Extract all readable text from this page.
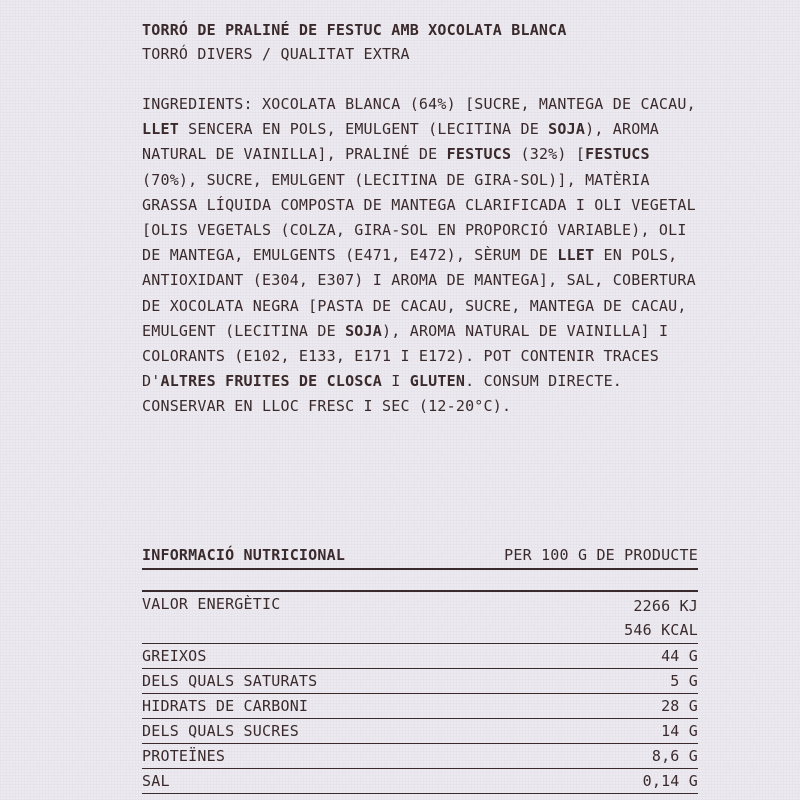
TORRÓ DE PRALINÉ DE FESTUC AMB XOCOLATA BLANCA
TORRÓ DIVERS / QUALITAT EXTRA
INGREDIENTS: XOCOLATA BLANCA (64%) [SUCRE, MANTEGA DE CACAU, LLET SENCERA EN POLS, EMULGENT (LECITINA DE SOJA), AROMA NATURAL DE VAINILLA], PRALINÉ DE FESTUCS (32%) [FESTUCS (70%), SUCRE, EMULGENT (LECITINA DE GIRA-SOL)], MATÈRIA GRASSA LÍQUIDA COMPOSTA DE MANTEGA CLARIFICADA I OLI VEGETAL [OLIS VEGETALS (COLZA, GIRA-SOL EN PROPORCIÓ VARIABLE), OLI DE MANTEGA, EMULGENTS (E471, E472), SÈRUM DE LLET EN POLS, ANTIOXIDANT (E304, E307) I AROMA DE MANTEGA], SAL, COBERTURA DE XOCOLATA NEGRA [PASTA DE CACAU, SUCRE, MANTEGA DE CACAU, EMULGENT (LECITINA DE SOJA), AROMA NATURAL DE VAINILLA] I COLORANTS (E102, E133, E171 I E172). POT CONTENIR TRACES D'ALTRES FRUITES DE CLOSCA I GLUTEN. CONSUM DIRECTE. CONSERVAR EN LLOC FRESC I SEC (12-20°C).
INFORMACIÓ NUTRICIONAL	PER 100 G DE PRODUCTE
VALOR ENERGÈTIC	2266 KJ
546 KCAL
GREIXOS	44 G
DELS QUALS SATURATS	5 G
HIDRATS DE CARBONI	28 G
DELS QUALS SUCRES	14 G
PROTEÏNES	8,6 G
SAL	0,14 G
